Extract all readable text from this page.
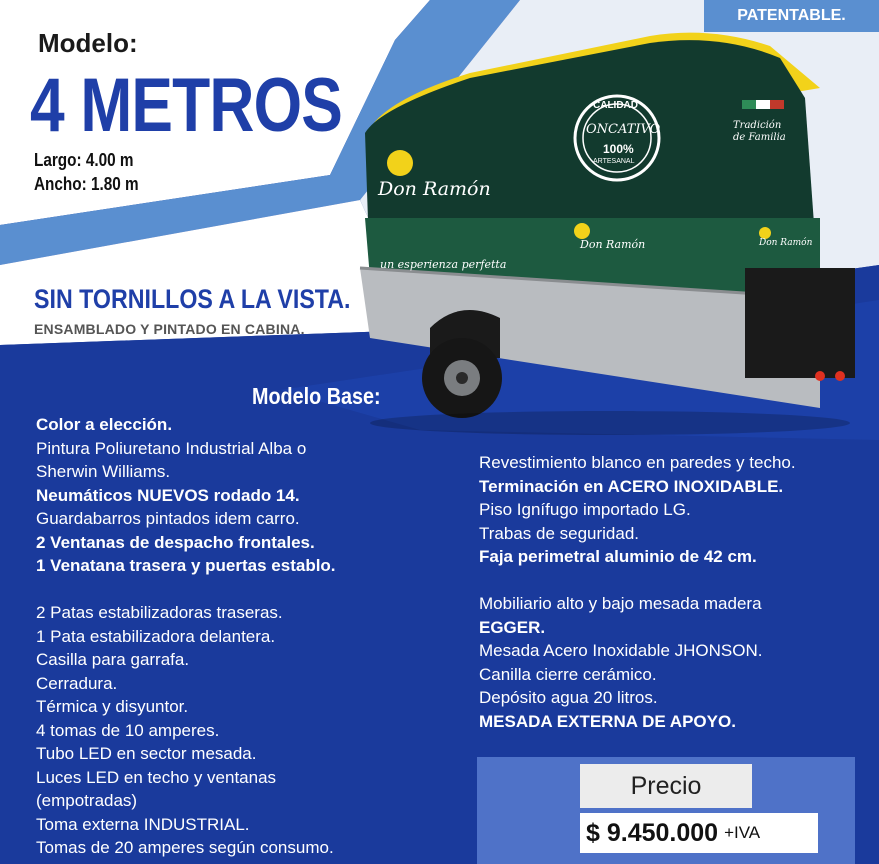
Don Ramón
CALIDAD
ONCATIVO
100%
ARTESANAL
Don Ramón	Don Ramón
Tradición de Familia
un esperienza perfetta
Modelo:
4 METROS
Largo: 4.00 m
Ancho: 1.80 m
PATENTABLE.
SIN TORNILLOS A LA VISTA.
ENSAMBLADO Y PINTADO EN CABINA.
Modelo Base:
Color a elección.
Pintura Poliuretano Industrial Alba o
Sherwin Williams.
Neumáticos NUEVOS rodado 14.
Guardabarros pintados idem carro.
2 Ventanas de despacho frontales.
1 Venatana trasera y puertas establo.
2 Patas estabilizadoras traseras.
1 Pata estabilizadora delantera.
Casilla para garrafa.
Cerradura.
Térmica y disyuntor.
4 tomas de 10 amperes.
Tubo LED en sector mesada.
Luces LED en techo y ventanas
(empotradas)
Toma externa INDUSTRIAL.
Tomas de 20 amperes según consumo.
Revestimiento blanco en paredes y techo.
Terminación en ACERO INOXIDABLE.
Piso Ignífugo importado LG.
Trabas de seguridad.
Faja perimetral aluminio de 42 cm.
Mobiliario alto y bajo mesada madera
EGGER.
Mesada Acero Inoxidable JHONSON.
Canilla cierre cerámico.
Depósito agua 20 litros.
MESADA EXTERNA DE APOYO.
Precio
$ 9.450.000 +IVA
